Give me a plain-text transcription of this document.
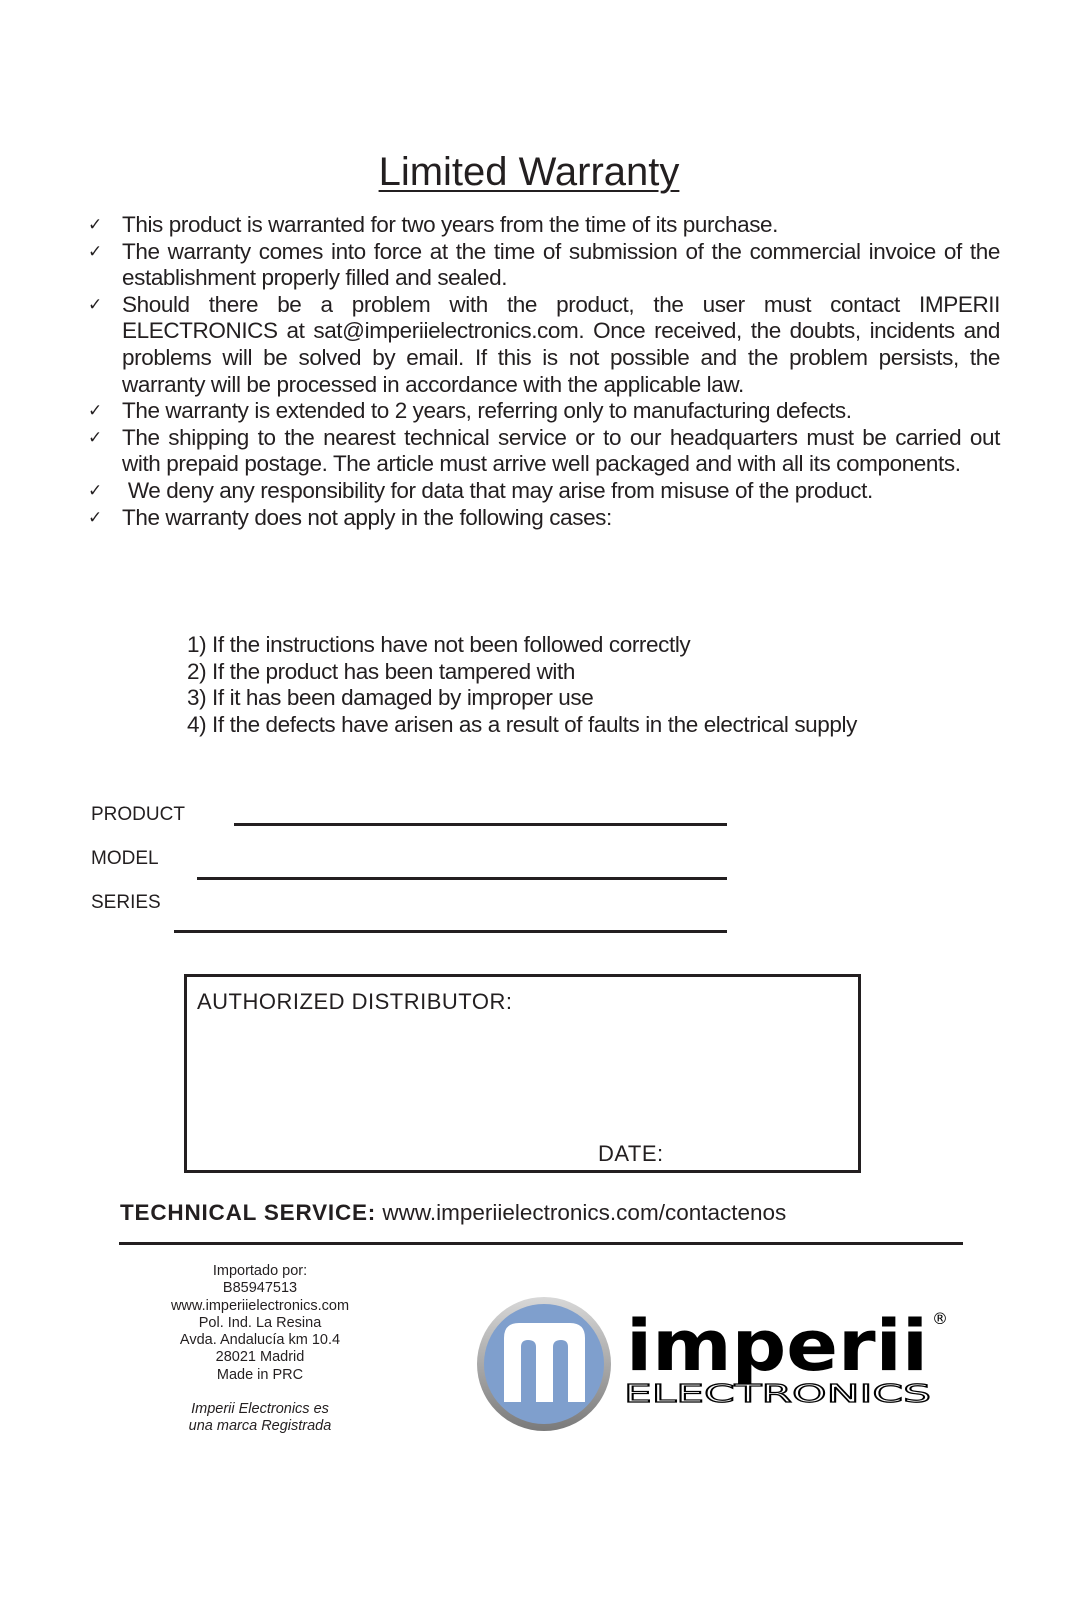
Limited Warranty
✓ This product is warranted for two years from the time of its purchase.
✓ The warranty comes into force at the time of submission of the commercial invoice of the establishment properly filled and sealed.
✓ Should there be a problem with the product, the user must contact IMPERII ELECTRONICS at sat@imperiielectronics.com. Once received, the doubts, incidents and problems will be solved by email. If this is not possible and the problem persists, the warranty will be processed in accordance with the applicable law.
✓ The warranty is extended to 2 years, referring only to manufacturing defects.
✓ The shipping to the nearest technical service or to our headquarters must be carried out with prepaid postage. The article must arrive well packaged and with all its components.
✓ We deny any responsibility for data that may arise from misuse of the product.
✓ The warranty does not apply in the following cases:
1) If the instructions have not been followed correctly
2) If the product has been tampered with
3) If it has been damaged by improper use
4) If the defects have arisen as a result of faults in the electrical supply
PRODUCT
MODEL
SERIES
AUTHORIZED DISTRIBUTOR:
DATE:
TECHNICAL SERVICE: www.imperiielectronics.com/contactenos
Importado por:
B85947513
www.imperiielectronics.com
Pol. Ind. La Resina
Avda. Andalucía km 10.4
28021 Madrid
Made in PRC
Imperii Electronics es
una marca Registrada
imperii
ELECTRONICS
®
